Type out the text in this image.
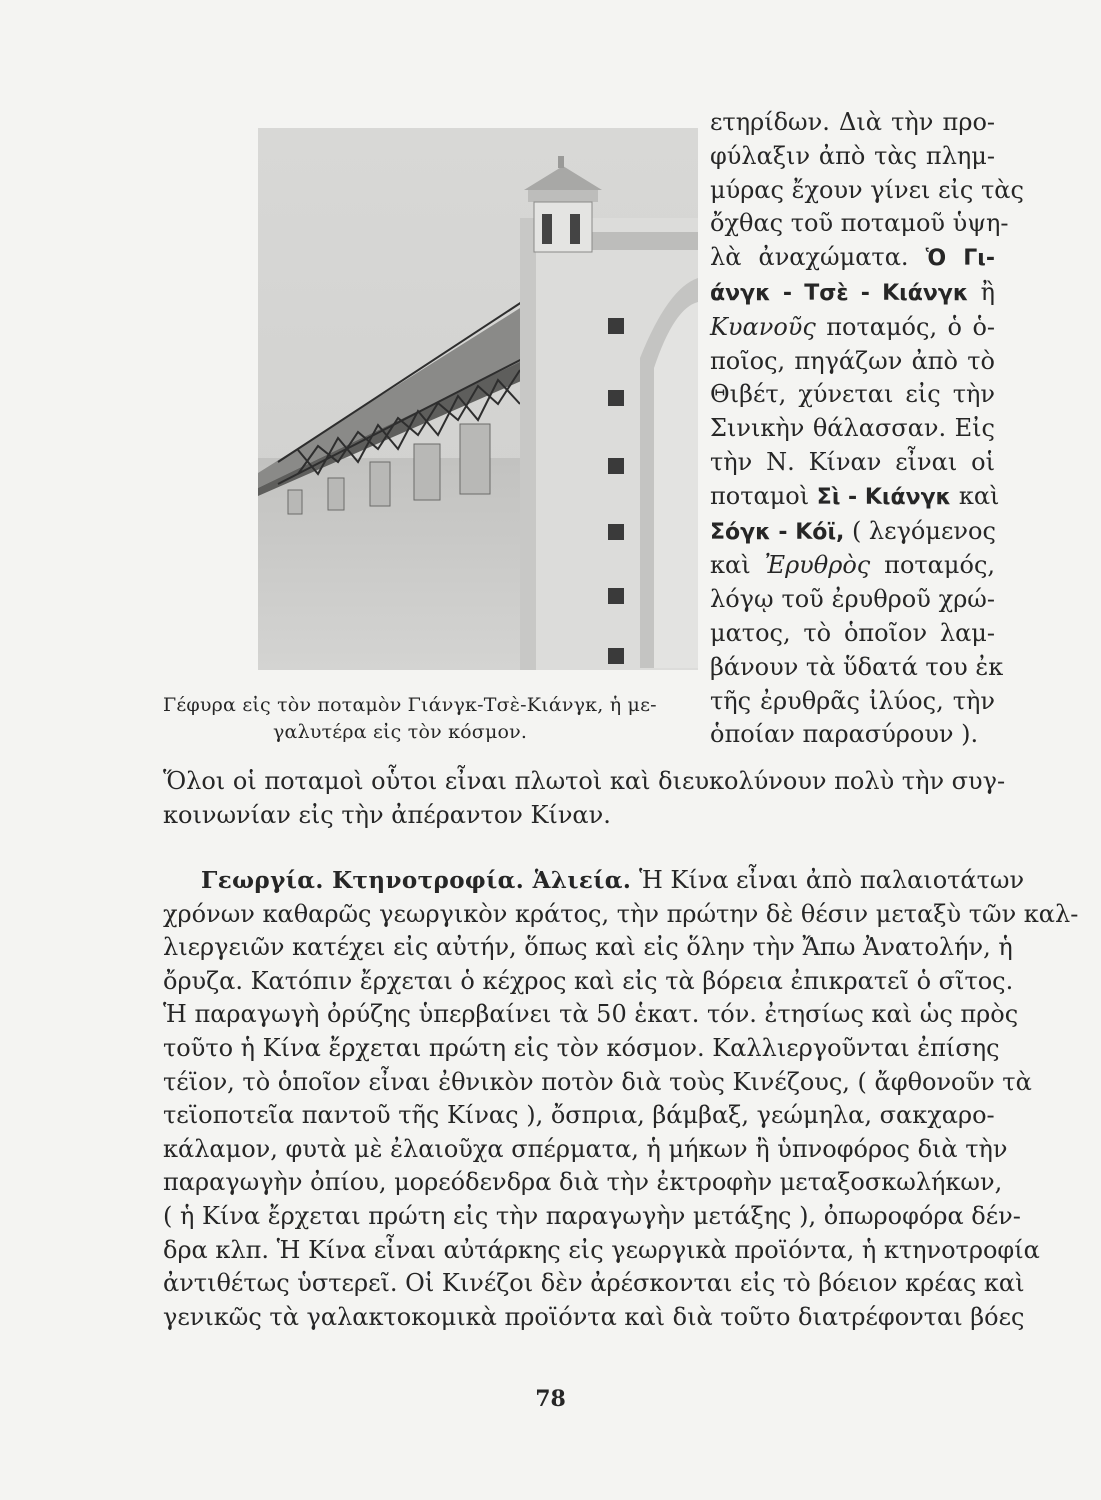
Γέφυρα εἰς τὸν ποταμὸν Γιάνγκ-Τσὲ-Κιάνγκ, ἡ με-
γαλυτέρα εἰς τὸν κόσμον.
ετηρίδων. Διὰ τὴν προ-
φύλαξιν ἀπὸ τὰς πλημ-
μύρας ἔχουν γίνει εἰς τὰς
ὄχθας τοῦ ποταμοῦ ὑψη-
λὰ ἀναχώματα. Ὁ Γι-
άνγκ - Τσὲ - Κιάνγκ ἢ
Κυανοῦς ποταμός, ὁ ὁ-
ποῖος, πηγάζων ἀπὸ τὸ
Θιβέτ, χύνεται εἰς τὴν
Σινικὴν θάλασσαν. Εἰς
τὴν Ν. Κίναν εἶναι οἱ
ποταμοὶ Σὶ - Κιάνγκ καὶ
Σόγκ - Κόϊ, ( λεγόμενος
καὶ Ἐρυθρὸς ποταμός,
λόγῳ τοῦ ἐρυθροῦ χρώ-
ματος, τὸ ὁποῖον λαμ-
βάνουν τὰ ὕδατά του ἐκ
τῆς ἐρυθρᾶς ἰλύος, τὴν
ὁποίαν παρασύρουν ).
Ὅλοι οἱ ποταμοὶ οὗτοι εἶναι πλωτοὶ καὶ διευκολύνουν πολὺ τὴν συγ-
κοινωνίαν εἰς τὴν ἀπέραντον Κίναν.
Γεωργία. Κτηνοτροφία. Ἁλιεία. Ἡ Κίνα εἶναι ἀπὸ παλαιοτάτων
χρόνων καθαρῶς γεωργικὸν κράτος, τὴν πρώτην δὲ θέσιν μεταξὺ τῶν καλ-
λιεργειῶν κατέχει εἰς αὐτήν, ὅπως καὶ εἰς ὅλην τὴν Ἄπω Ἀνατολήν, ἡ
ὄρυζα. Κατόπιν ἔρχεται ὁ κέχρος καὶ εἰς τὰ βόρεια ἐπικρατεῖ ὁ σῖτος.
Ἡ παραγωγὴ ὀρύζης ὑπερβαίνει τὰ 50 ἑκατ. τόν. ἐτησίως καὶ ὡς πρὸς
τοῦτο ἡ Κίνα ἔρχεται πρώτη εἰς τὸν κόσμον. Καλλιεργοῦνται ἐπίσης
τέϊον, τὸ ὁποῖον εἶναι ἐθνικὸν ποτὸν διὰ τοὺς Κινέζους, ( ἄφθονοῦν τὰ
τεϊοποτεῖα παντοῦ τῆς Κίνας ), ὄσπρια, βάμβαξ, γεώμηλα, σακχαρο-
κάλαμον, φυτὰ μὲ ἐλαιοῦχα σπέρματα, ἡ μήκων ἢ ὑπνοφόρος διὰ τὴν
παραγωγὴν ὀπίου, μορεόδενδρα διὰ τὴν ἐκτροφὴν μεταξοσκωλήκων,
( ἡ Κίνα ἔρχεται πρώτη εἰς τὴν παραγωγὴν μετάξης ), ὀπωροφόρα δέν-
δρα κλπ. Ἡ Κίνα εἶναι αὐτάρκης εἰς γεωργικὰ προϊόντα, ἡ κτηνοτροφία
ἀντιθέτως ὑστερεῖ. Οἱ Κινέζοι δὲν ἀρέσκονται εἰς τὸ βόειον κρέας καὶ
γενικῶς τὰ γαλακτοκομικὰ προϊόντα καὶ διὰ τοῦτο διατρέφονται βόες
78
